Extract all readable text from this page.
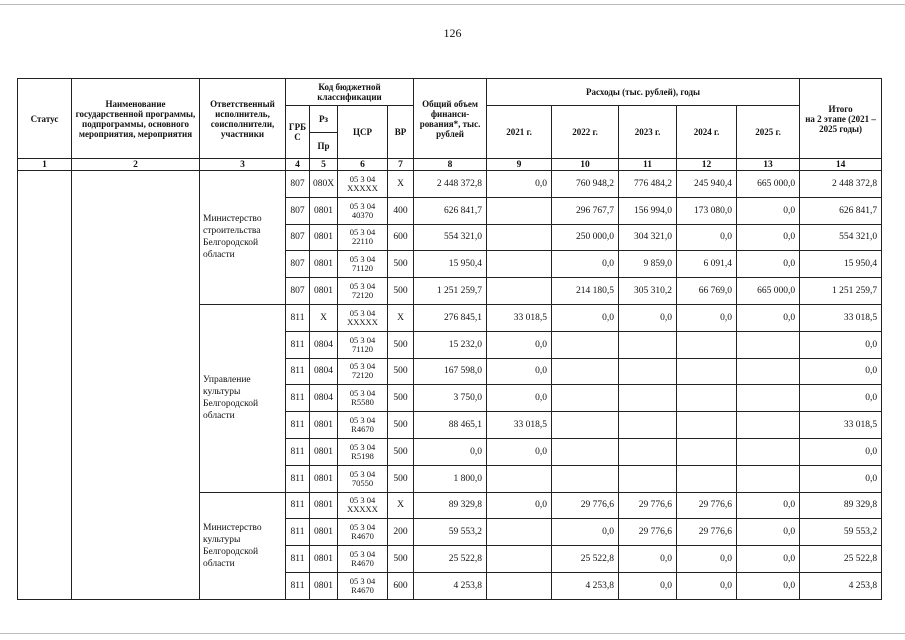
126
Статус	Наименование государственной программы, подпрограммы, основного мероприятия, мероприятия	Ответственный исполнитель, соисполнители, участники	Код бюджетной классификации				Общий объем финанси-рования*, тыс. рублей	Расходы (тыс. рублей), годы					Итого
на 2 этапе (2021 – 2025 годы)
			ГРБ С	Рз	ЦСР	ВР		2021 г.	2022 г.	2023 г.	2024 г.	2025 г.	
				Пр									
1	2	3	4	5	6	7	8	9	10	11	12	13	14
		Министерство строительства Белгородской области	807	080X	05 3 04 XXXXX	X	2 448 372,8	0,0	760 948,2	776 484,2	245 940,4	665 000,0	2 448 372,8
			807	0801	05 3 04 40370	400	626 841,7		296 767,7	156 994,0	173 080,0	0,0	626 841,7
			807	0801	05 3 04 22110	600	554 321,0		250 000,0	304 321,0	0,0	0,0	554 321,0
			807	0801	05 3 04 71120	500	15 950,4		0,0	9 859,0	6 091,4	0,0	15 950,4
			807	0801	05 3 04 72120	500	1 251 259,7		214 180,5	305 310,2	66 769,0	665 000,0	1 251 259,7
		Управление культуры Белгородской области	811	X	05 3 04 XXXXX	X	276 845,1	33 018,5	0,0	0,0	0,0	0,0	33 018,5
			811	0804	05 3 04 71120	500	15 232,0	0,0					0,0
			811	0804	05 3 04 72120	500	167 598,0	0,0					0,0
			811	0804	05 3 04 R5580	500	3 750,0	0,0					0,0
			811	0801	05 3 04 R4670	500	88 465,1	33 018,5					33 018,5
			811	0801	05 3 04 R5198	500	0,0	0,0					0,0
			811	0801	05 3 04 70550	500	1 800,0						0,0
		Министерство культуры Белгородской области	811	0801	05 3 04 XXXXX	X	89 329,8	0,0	29 776,6	29 776,6	29 776,6	0,0	89 329,8
			811	0801	05 3 04 R4670	200	59 553,2		0,0	29 776,6	29 776,6	0,0	59 553,2
			811	0801	05 3 04 R4670	500	25 522,8		25 522,8	0,0	0,0	0,0	25 522,8
			811	0801	05 3 04 R4670	600	4 253,8		4 253,8	0,0	0,0	0,0	4 253,8
